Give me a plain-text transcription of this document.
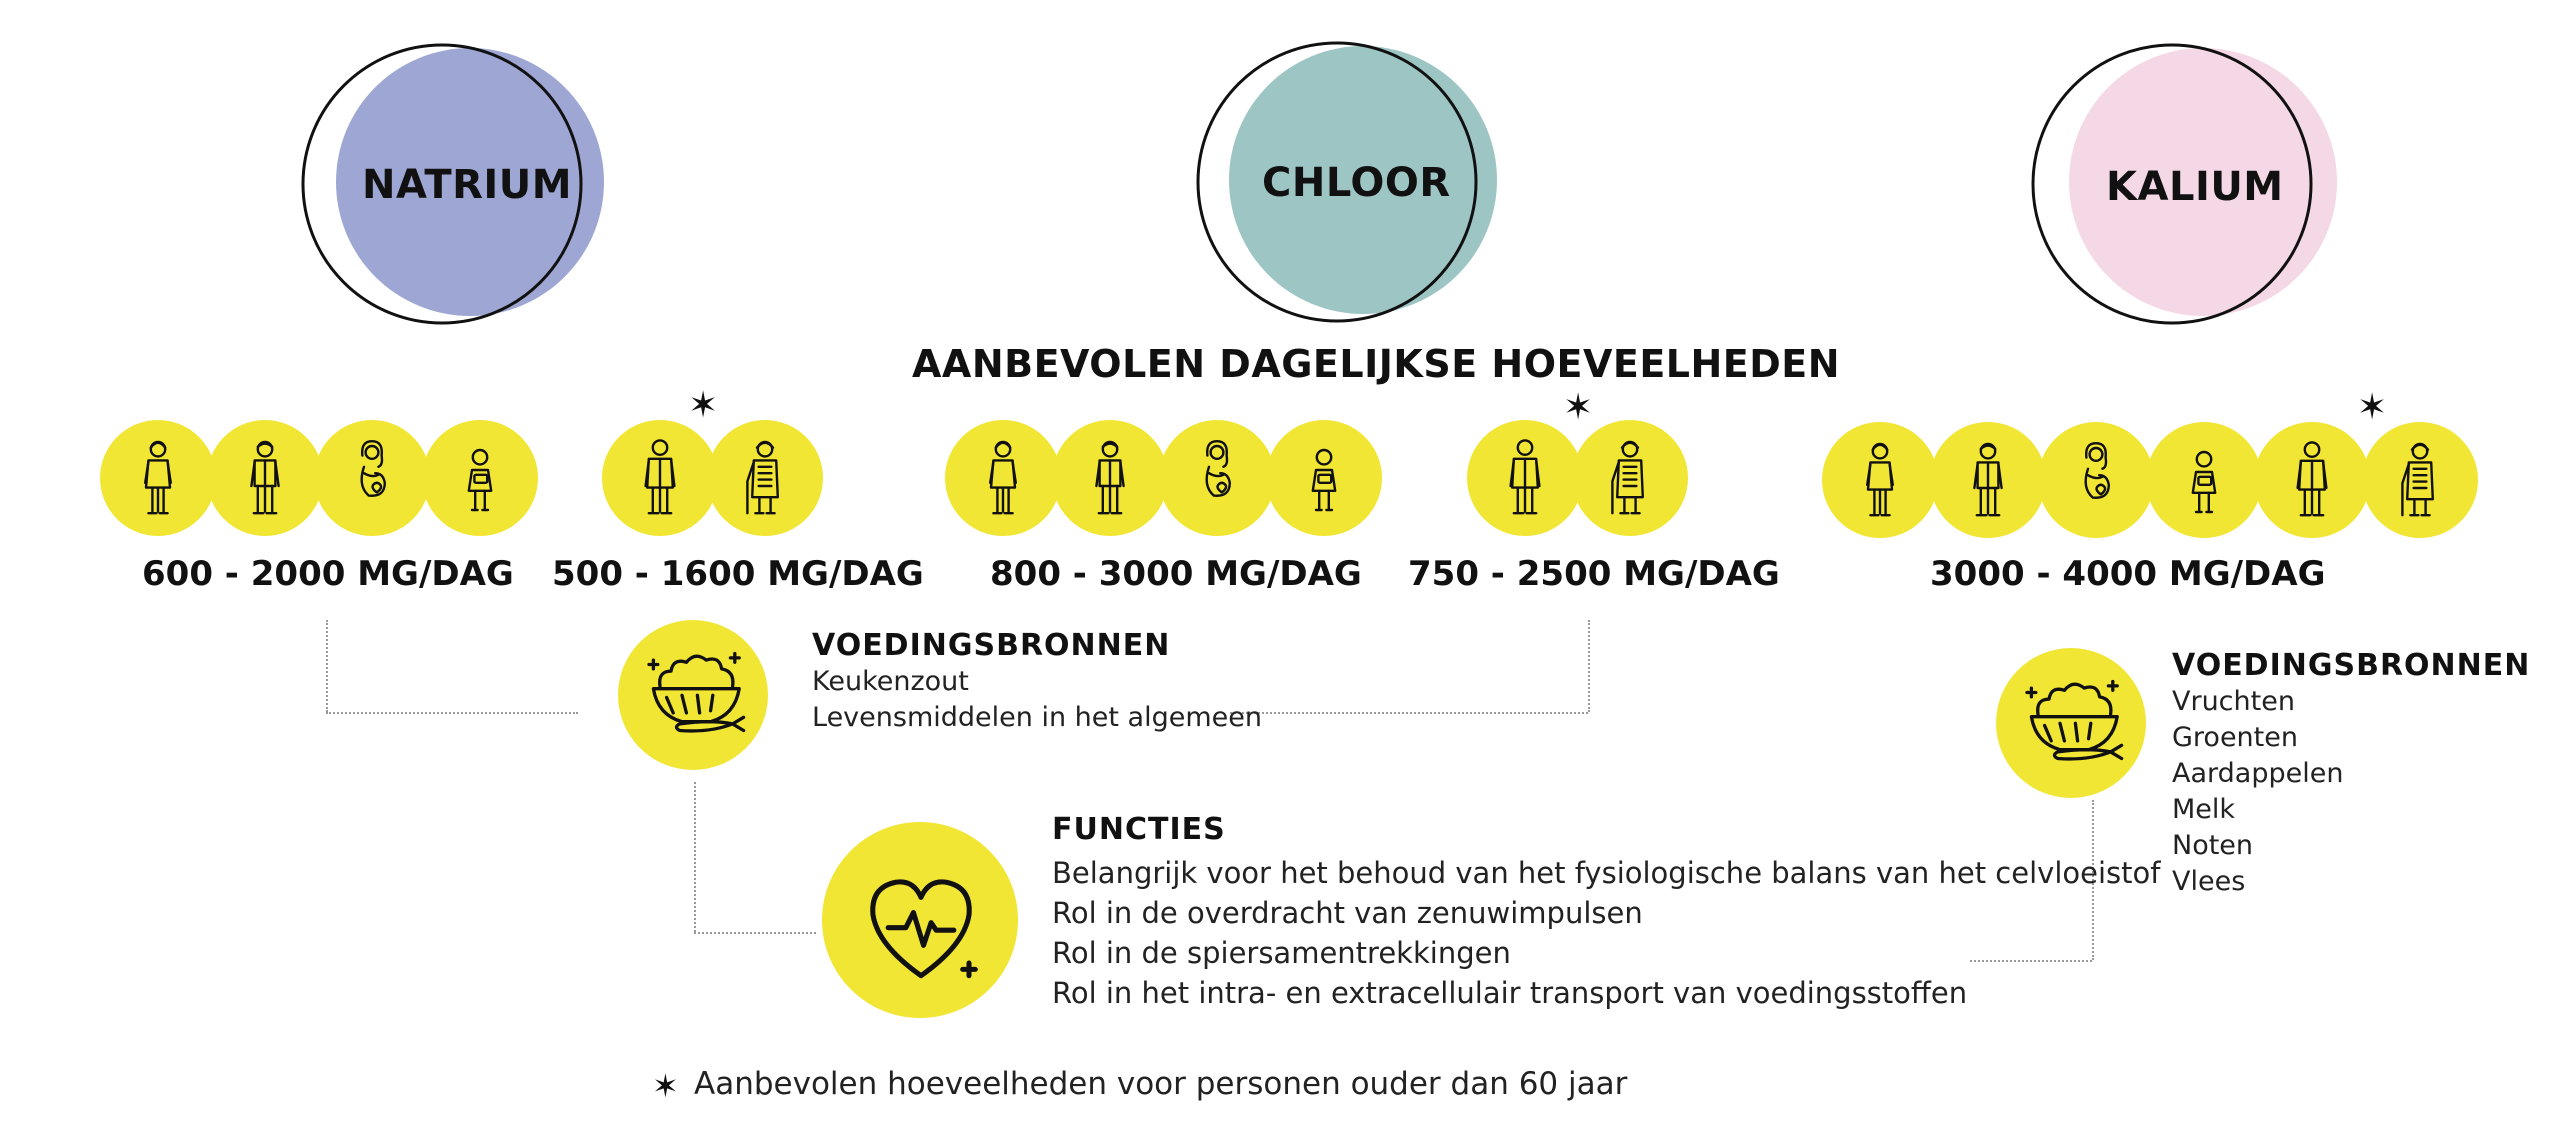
NATRIUM	CHLOOR	KALIUM
AANBEVOLEN DAGELIJKSE HOEVEELHEDEN
✶	✶	✶
600 - 2000 MG/DAG 500 - 1600 MG/DAG 800 - 3000 MG/DAG 750 - 2500 MG/DAG	3000 - 4000 MG/DAG
VOEDINGSBRONNEN
Keukenzout
Levensmiddelen in het algemeen
VOEDINGSBRONNEN
Vruchten
Groenten
Aardappelen
Melk
Noten
Vlees
FUNCTIES
Belangrijk voor het behoud van het fysiologische balans van het celvloeistof
Rol in de overdracht van zenuwimpulsen
Rol in de spiersamentrekkingen
Rol in het intra- en extracellulair transport van voedingsstoffen
✶ Aanbevolen hoeveelheden voor personen ouder dan 60 jaar
